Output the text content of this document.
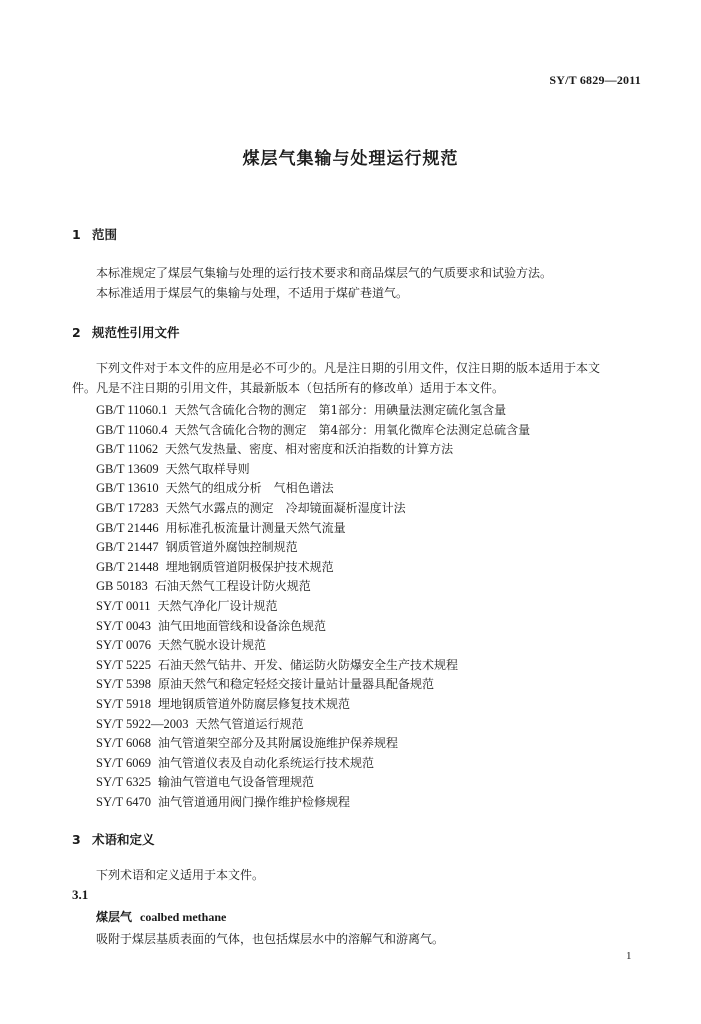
SY/T 6829—2011
煤层气集输与处理运行规范
1 范围
本标准规定了煤层气集输与处理的运行技术要求和商品煤层气的气质要求和试验方法。
本标准适用于煤层气的集输与处理，不适用于煤矿巷道气。
2 规范性引用文件
下列文件对于本文件的应用是必不可少的。凡是注日期的引用文件，仅注日期的版本适用于本文件。凡是不注日期的引用文件，其最新版本（包括所有的修改单）适用于本文件。
GB/T 11060.1 天然气含硫化合物的测定　第1部分：用碘量法测定硫化氢含量
GB/T 11060.4 天然气含硫化合物的测定　第4部分：用氧化微库仑法测定总硫含量
GB/T 11062 天然气发热量、密度、相对密度和沃泊指数的计算方法
GB/T 13609 天然气取样导则
GB/T 13610 天然气的组成分析　气相色谱法
GB/T 17283 天然气水露点的测定　冷却镜面凝析湿度计法
GB/T 21446 用标准孔板流量计测量天然气流量
GB/T 21447 钢质管道外腐蚀控制规范
GB/T 21448 埋地钢质管道阴极保护技术规范
GB 50183 石油天然气工程设计防火规范
SY/T 0011 天然气净化厂设计规范
SY/T 0043 油气田地面管线和设备涂色规范
SY/T 0076 天然气脱水设计规范
SY/T 5225 石油天然气钻井、开发、储运防火防爆安全生产技术规程
SY/T 5398 原油天然气和稳定轻烃交接计量站计量器具配备规范
SY/T 5918 埋地钢质管道外防腐层修复技术规范
SY/T 5922—2003 天然气管道运行规范
SY/T 6068 油气管道架空部分及其附属设施维护保养规程
SY/T 6069 油气管道仪表及自动化系统运行技术规范
SY/T 6325 输油气管道电气设备管理规范
SY/T 6470 油气管道通用阀门操作维护检修规程
3 术语和定义
下列术语和定义适用于本文件。
3.1
煤层气 coalbed methane
吸附于煤层基质表面的气体，也包括煤层水中的溶解气和游离气。
1
